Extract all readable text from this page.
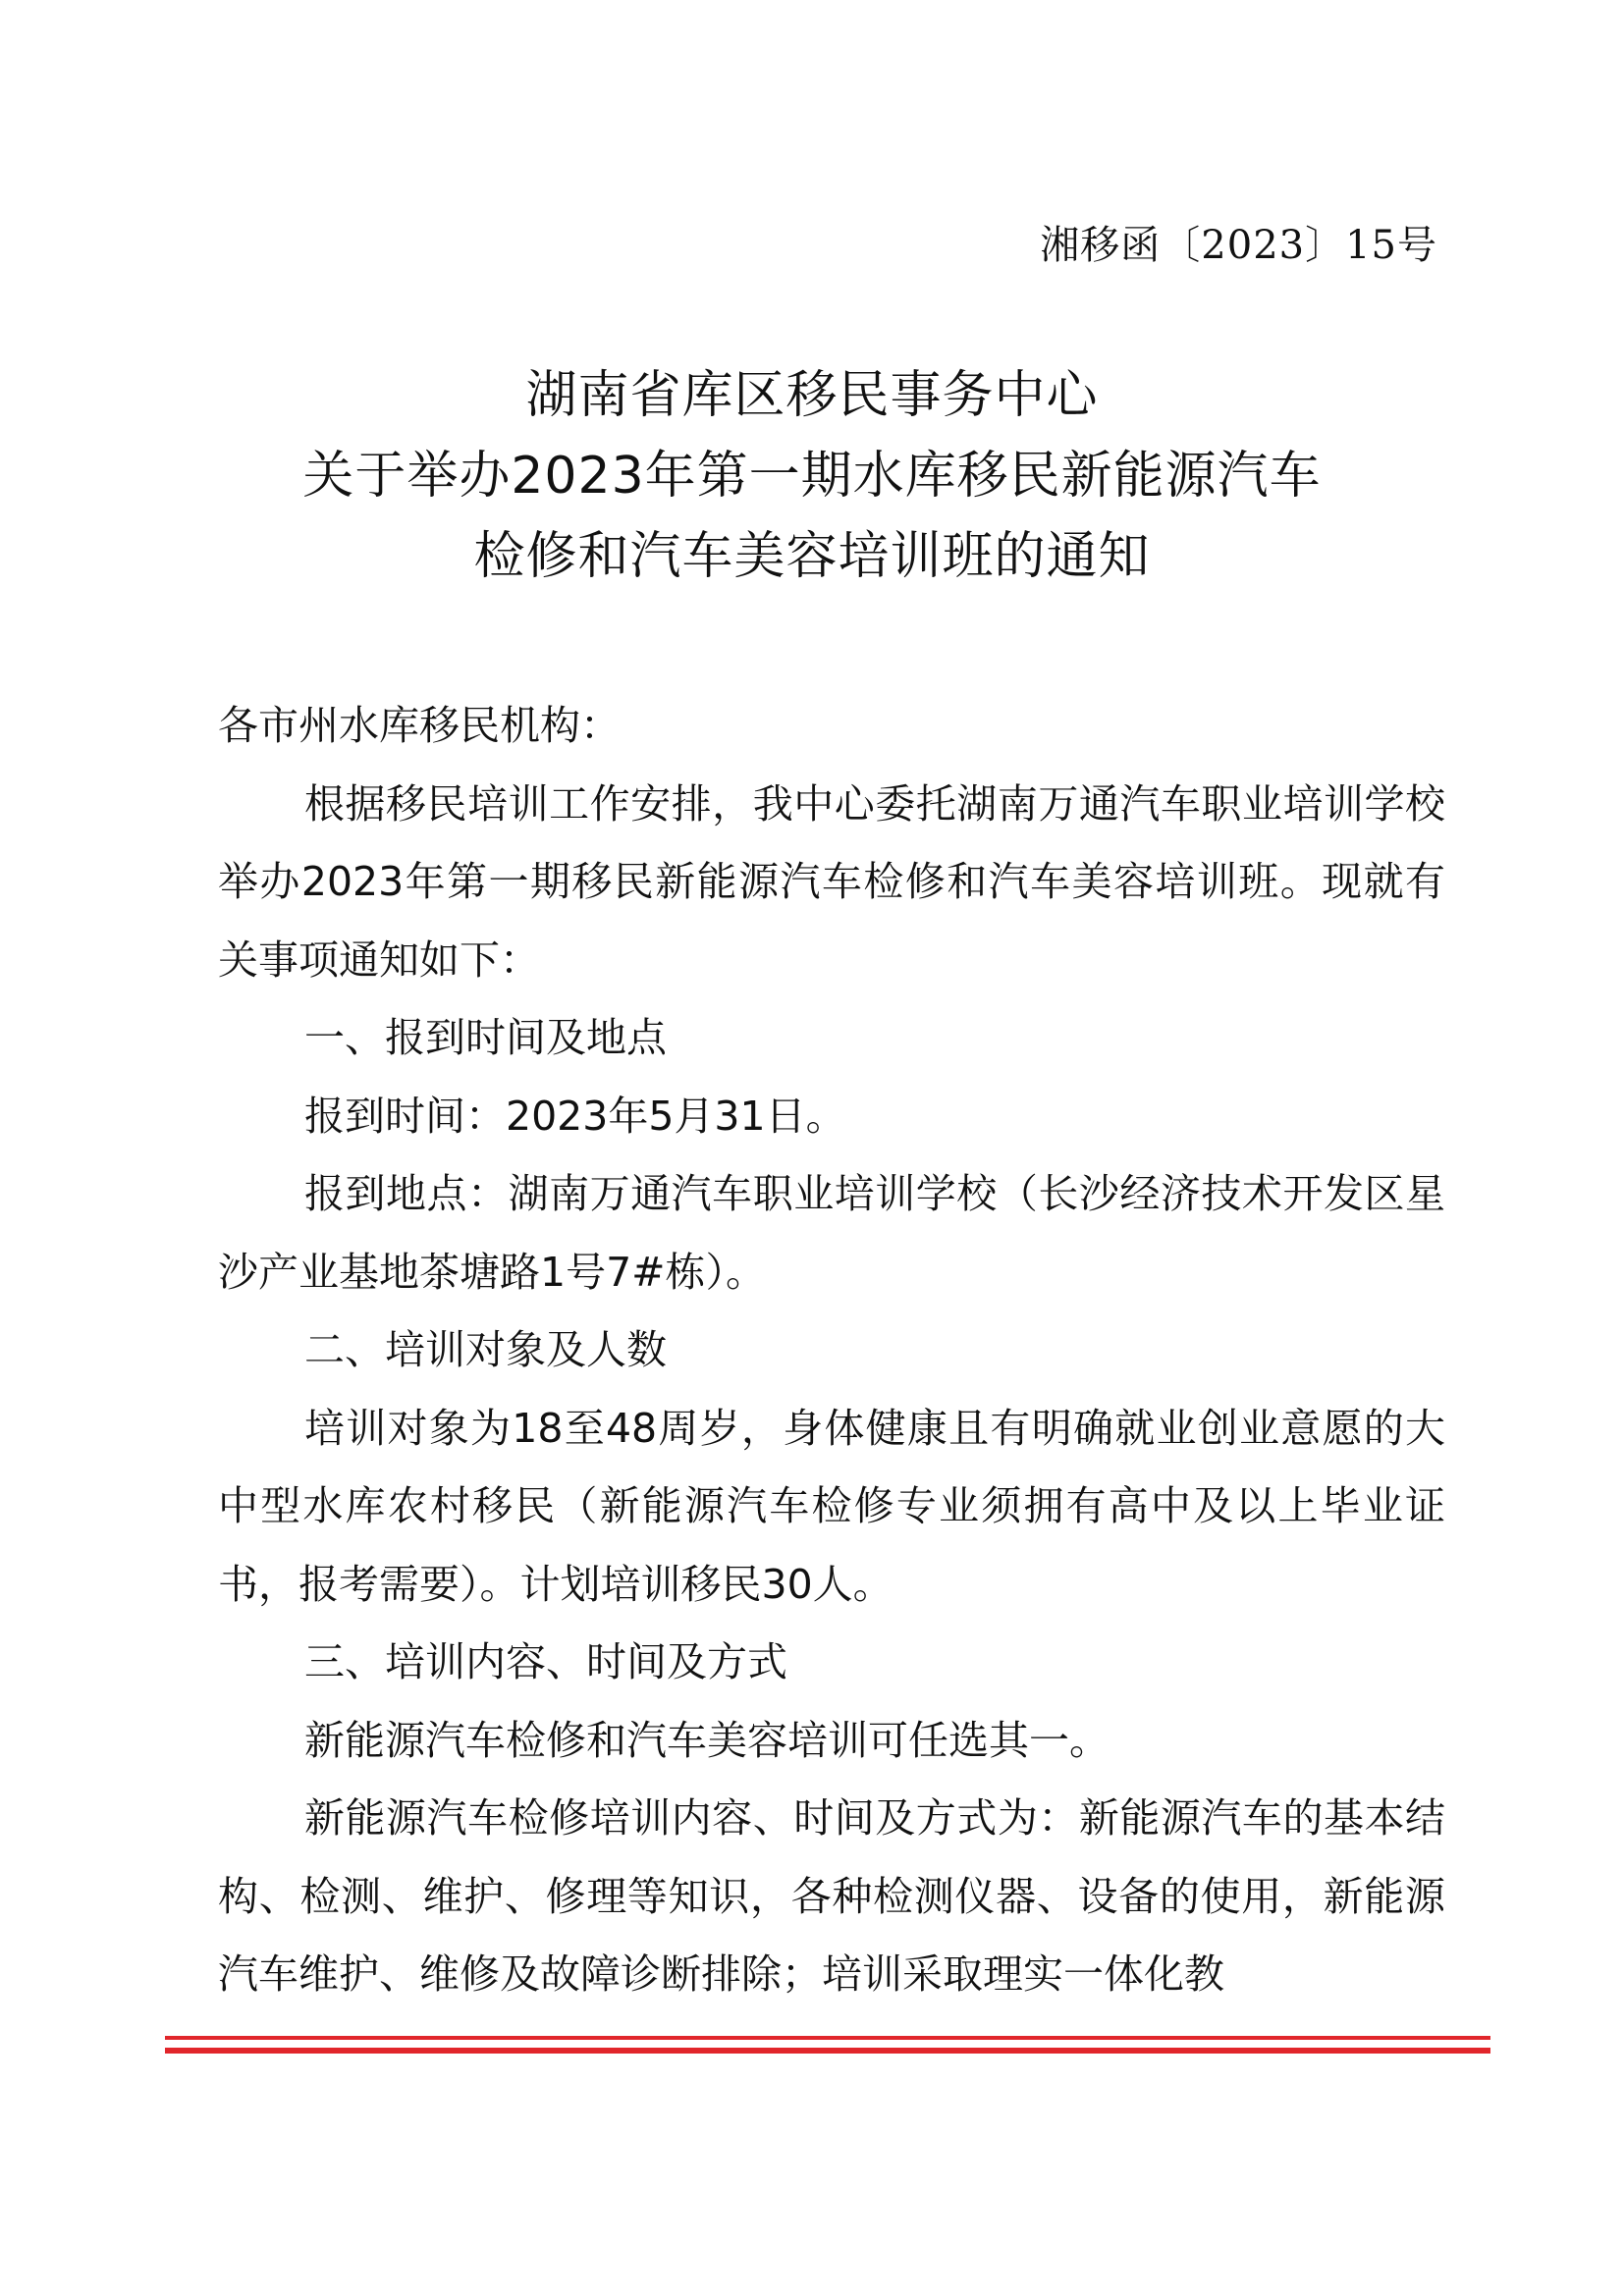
湘移函〔2023〕15号
湖南省库区移民事务中心
关于举办2023年第一期水库移民新能源汽车
检修和汽车美容培训班的通知

各市州水库移民机构：

根据移民培训工作安排，我中心委托湖南万通汽车职业培训学校举办2023年第一期移民新能源汽车检修和汽车美容培训班。现就有关事项通知如下：

一、报到时间及地点

报到时间：2023年5月31日。

报到地点：湖南万通汽车职业培训学校（长沙经济技术开发区星沙产业基地茶塘路1号7#栋）。

二、培训对象及人数

培训对象为18至48周岁，身体健康且有明确就业创业意愿的大中型水库农村移民（新能源汽车检修专业须拥有高中及以上毕业证书，报考需要）。计划培训移民30人。

三、培训内容、时间及方式

新能源汽车检修和汽车美容培训可任选其一。

新能源汽车检修培训内容、时间及方式为：新能源汽车的基本结构、检测、维护、修理等知识，各种检测仪器、设备的使用，新能源汽车维护、维修及故障诊断排除；培训采取理实一体化教
